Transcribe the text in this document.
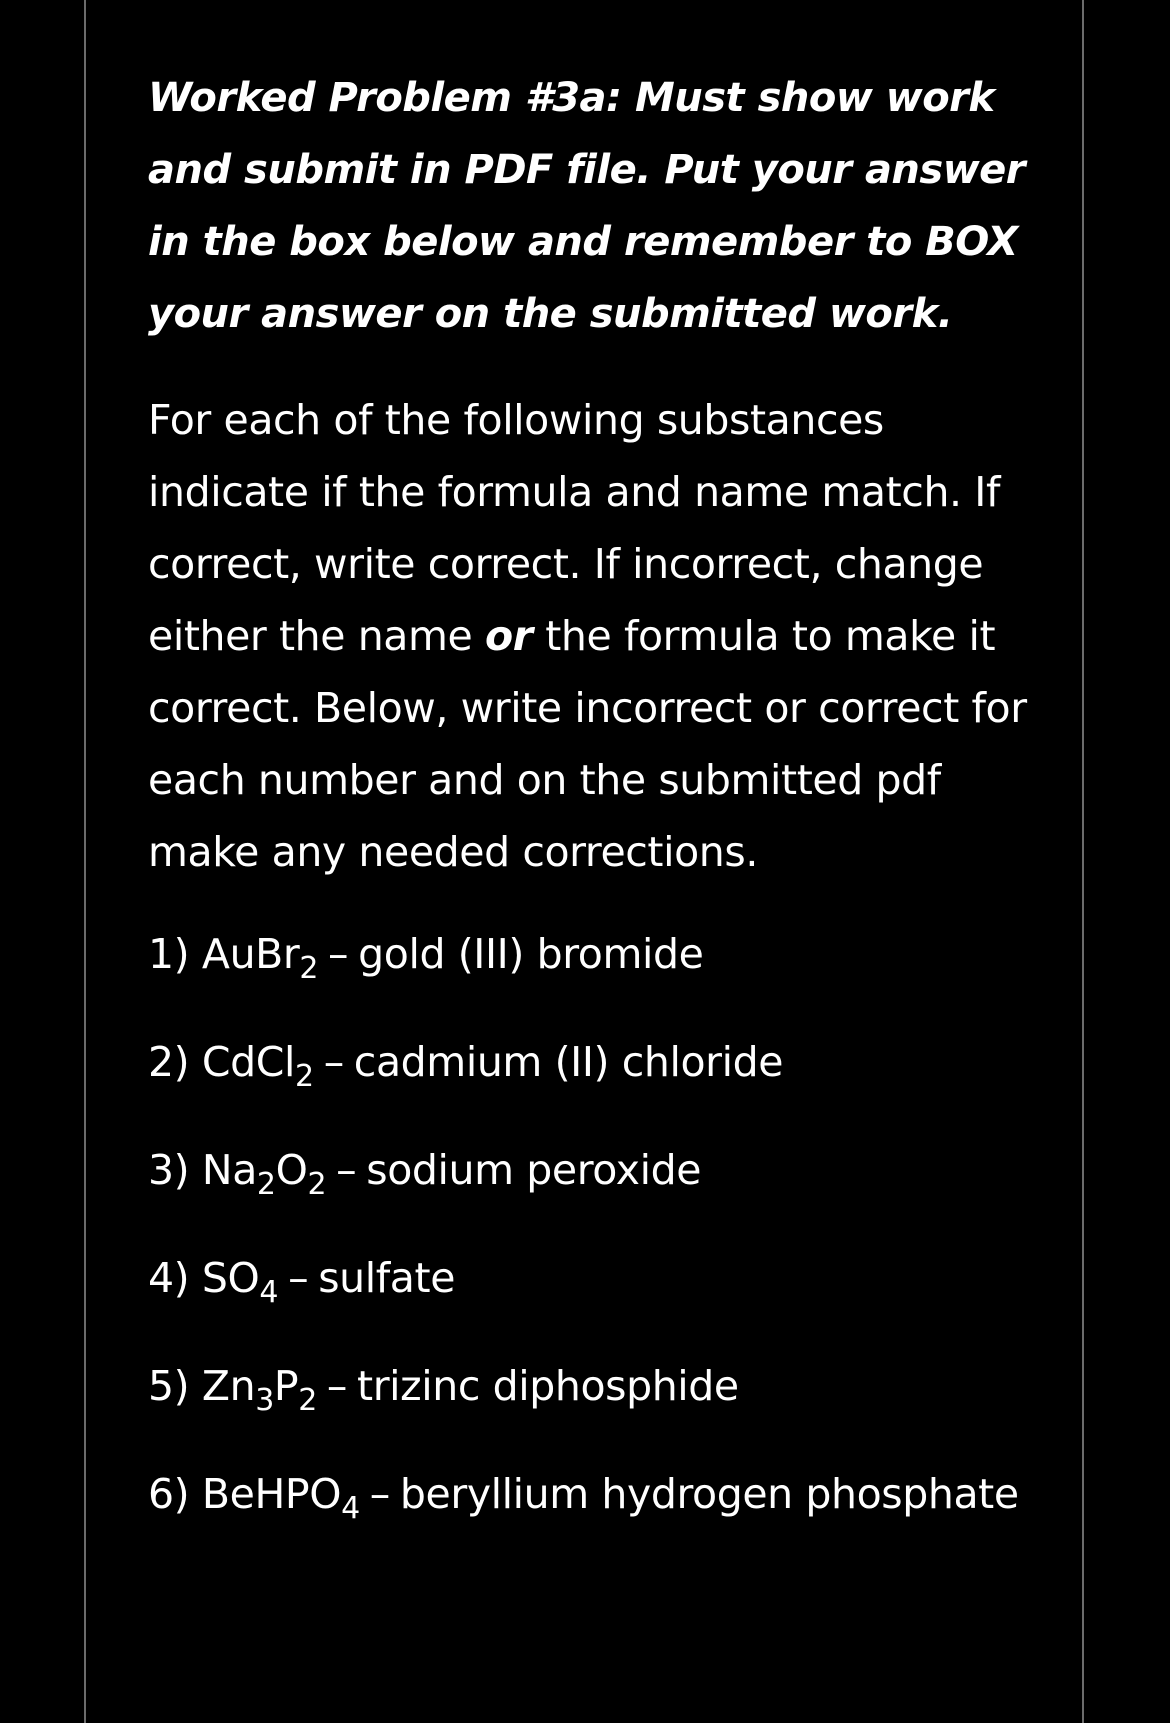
Worked Problem #3a: Must show work and submit in PDF file. Put your answer in the box below and remember to BOX your answer on the submitted work.

For each of the following substances indicate if the formula and name match. If correct, write correct. If incorrect, change either the name or the formula to make it correct. Below, write incorrect or correct for each number and on the submitted pdf make any needed corrections.

1) AuBr$_2$ – gold (III) bromide
2) CdCl$_2$ – cadmium (II) chloride
3) $Na_2O_2$ – sodium peroxide
4) $SO_4$ – sulfate
5) $Zn_3P_2$ – trizinc diphosphide
6) BeHPO$_4$ – beryllium hydrogen phosphate
